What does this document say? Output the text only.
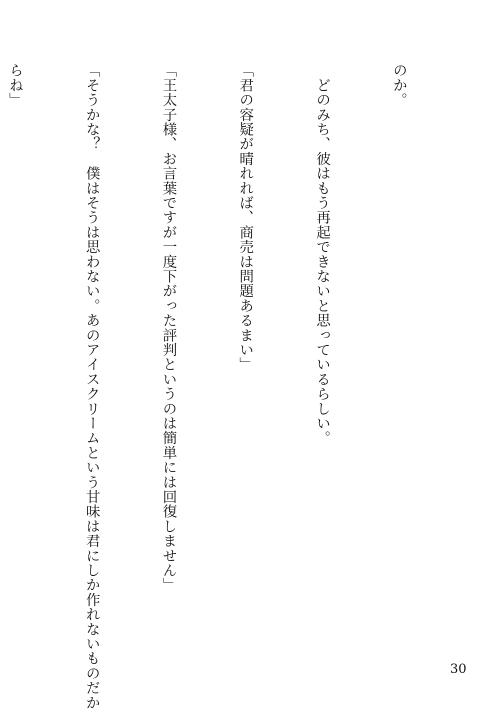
のか。

　どのみち、彼はもう再起できないと思っているらしい。

「君の容疑が晴れれば、商売は問題あるまい」

「王太子様、お言葉ですが一度下がった評判というのは簡単には回復しません」

「そうかな？　僕はそうは思わない。あのアイスクリームという甘味は君にしか作れないものだか

らね」

30
